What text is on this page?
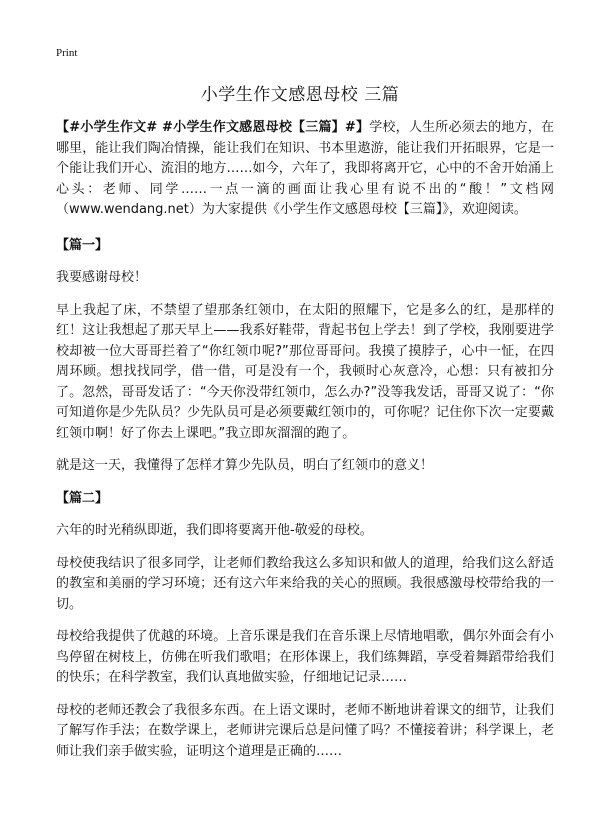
Print
小学生作文感恩母校 三篇

【#小学生作文# #小学生作文感恩母校【三篇】#】学校，人生所必须去的地方，在哪里，能让我们陶冶情操，能让我们在知识、书本里遨游，能让我们开拓眼界，它是一个能让我们开心、流泪的地方……如今，六年了，我即将离开它，心中的不舍开始涌上心头：老师、同学……一点一滴的画面让我心里有说不出的“酸！”文档网（www.wendang.net）为大家提供《小学生作文感恩母校【三篇】》，欢迎阅读。

【篇一】

我要感谢母校！

早上我起了床，不禁望了望那条红领巾，在太阳的照耀下，它是多么的红，是那样的红！这让我想起了那天早上——我系好鞋带，背起书包上学去！到了学校，我刚要进学校却被一位大哥哥拦着了“你红领巾呢?”那位哥哥问。我摸了摸脖子，心中一怔，在四周环顾。想找找同学，借一借，可是没有一个，我顿时心灰意冷，心想：只有被扣分了。忽然，哥哥发话了：“今天你没带红领巾，怎么办?”没等我发话，哥哥又说了：“你可知道你是少先队员？少先队员可是必须要戴红领巾的，可你呢？记住你下次一定要戴红领巾啊！好了你去上课吧。”我立即灰溜溜的跑了。

就是这一天，我懂得了怎样才算少先队员，明白了红领巾的意义！

【篇二】

六年的时光稍纵即逝，我们即将要离开他-敬爱的母校。

母校使我结识了很多同学，让老师们教给我这么多知识和做人的道理，给我们这么舒适的教室和美丽的学习环境；还有这六年来给我的关心的照顾。我很感激母校带给我的一切。

母校给我提供了优越的环境。上音乐课是我们在音乐课上尽情地唱歌，偶尔外面会有小鸟停留在树枝上，仿佛在听我们歌唱；在形体课上，我们练舞蹈，享受着舞蹈带给我们的快乐；在科学教室，我们认真地做实验，仔细地记记录……

母校的老师还教会了我很多东西。在上语文课时，老师不断地讲着课文的细节，让我们了解写作手法；在数学课上，老师讲完课后总是问懂了吗？不懂接着讲；科学课上，老师让我们亲手做实验，证明这个道理是正确的……
